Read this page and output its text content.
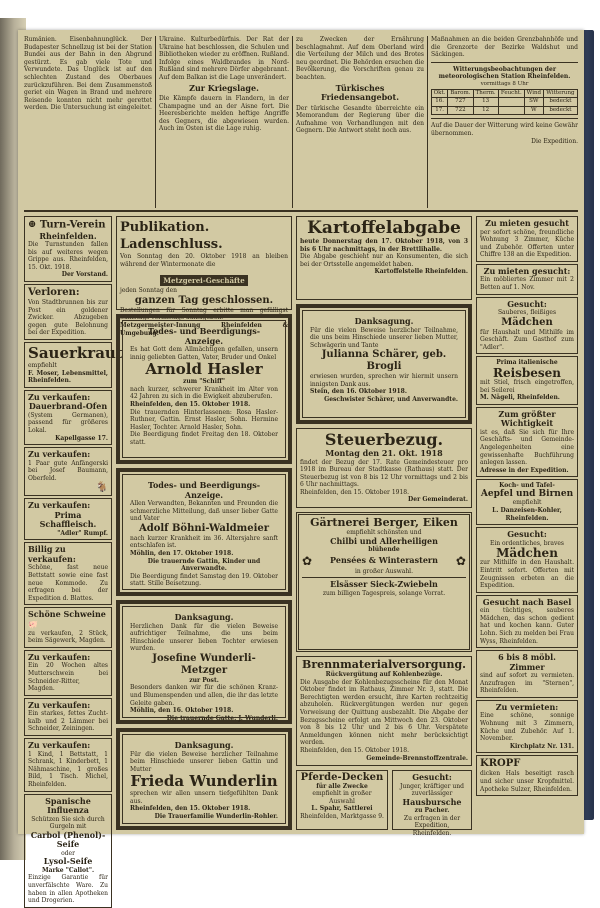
Rumänien. Eisenbahnunglück. Der Budapester Schnellzug ist bei der Station Bundei aus der Bahn in den Abgrund gestürzt. Es gab viele Tote und Verwundete. Das Unglück ist auf den schlechten Zustand des Oberbaues zurückzuführen. Bei dem Zusammenstoß geriet ein Wagen in Brand und mehrere Reisende konnten nicht mehr gerettet werden. Die Untersuchung ist eingeleitet.
Ukraine. Kulturbedürfnis. Der Rat der Ukraine hat beschlossen, die Schulen und Bibliotheken wieder zu eröffnen. Rußland. Infolge eines Waldbrandes in Nord-Rußland sind mehrere Dörfer abgebrannt. Auf dem Balkan ist die Lage unverändert.
Zur Kriegslage.
Die Kämpfe dauern in Flandern, in der Champagne und an der Aisne fort. Die Heeresberichte melden heftige Angriffe des Gegners, die abgewiesen wurden. Auch im Osten ist die Lage ruhig.
zu Zwecken der Ernährung beschlagnahmt. Auf dem Oberland wird die Verteilung der Milch und des Brotes neu geordnet. Die Behörden ersuchen die Bevölkerung, die Vorschriften genau zu beachten.
Türkisches Friedensangebot.
Der türkische Gesandte überreichte ein Memorandum der Regierung über die Aufnahme von Verhandlungen mit den Gegnern. Die Antwort steht noch aus.
Maßnahmen an die beiden Grenzbahnhöfe und die Grenzorte der Bezirke Waldshut und Säckingen.
Witterungsbeobachtungen der meteorologischen Station Rheinfelden.
vormittags 8 Uhr
Okt.	Barom.	Therm.	Feucht.	Wind	Witterung
16.	727	13		SW	bedeckt
17.	722	12		W	bedeckt
Auf die Dauer der Witterung wird keine Gewähr übernommen.
Die Expedition.
⊕ Turn-Verein
Rheinfelden.
Die Turnstunden fallen bis auf weiteres wegen Grippe aus. Rheinfelden, 15. Okt. 1918.
Der Vorstand.
Verloren:
Von Stadtbrunnen bis zur Post ein goldener Zwicker. Abzugeben gegen gute Belohnung bei der Expedition.
Sauerkraut
empfiehlt
F. Moser, Lebensmittel, Rheinfelden.
Zu verkaufen:
Dauerbrand-Ofen
(System Germanen), passend für größeres Lokal.
Kapellgasse 17.
Zu verkaufen:
1 Paar gute Anfängerski bei Josef Baumann, Oberfeld.
🐐
Zu verkaufen:
Prima Schaffleisch.
"Adler" Rumpf.
Billig zu verkaufen:
Schöne, fast neue Bettstatt sowie eine fast neue Kommode. Zu erfragen bei der Expedition d. Blattes.
Schöne Schweine 🐖
zu verkaufen, 2 Stück, beim Sägewerk, Magden.
Zu verkaufen:
Ein 20 Wochen altes Mutterschwein bei Schneider-Ritter, Magden.
Zu verkaufen:
Ein starkes, fettes Zucht-kalb und 2 Lämmer bei Schneider, Zeiningen.
Zu verkaufen:
1 Kind, 1 Bettstatt, 1 Schrank, 1 Kinderbett, 1 Nähmaschine, 1 großes Bild, 1 Tisch. Michel, Rheinfelden.
Spanische Influenza
Schützen Sie sich durch Gurgeln mit
Carbol (Phenol)-Seife
oder
Lysol-Seife
Marke "Callot".
Einzige Garantie für unverfälschte Ware. Zu haben in allen Apotheken und Drogerien.
Publikation. Ladenschluss.
Von Sonntag den 20. Oktober 1918 an bleiben während der Wintermonate die
Metzgerei-Geschäfte
jeden Sonntag den
ganzen Tag geschlossen.
Bestellungen für Sonntag erbitte man gefälligst Samstags vormittags aufzugeben.
Metzgermeister-Innung Rheinfelden & Umgebung.
Todes- und Beerdigungs-Anzeige.
Es hat Gott dem Allmächtigen gefallen, unsern innig geliebten Gatten, Vater, Bruder und Onkel
Arnold Hasler
zum "Schiff"
nach kurzer, schwerer Krankheit im Alter von 42 Jahren zu sich in die Ewigkeit abzuberufen.
Rheinfelden, den 15. Oktober 1918.
Die trauernden Hinterlassenen: Rosa Hasler-Ruthner, Gattin. Ernst Hasler, Sohn. Hermine Hasler, Tochter. Arnold Hasler, Sohn.
Die Beerdigung findet Freitag den 18. Oktober statt.
Todes- und Beerdigungs-Anzeige.
Allen Verwandten, Bekannten und Freunden die schmerzliche Mitteilung, daß unser lieber Gatte und Vater
Adolf Böhni-Waldmeier
nach kurzer Krankheit im 36. Altersjahre sanft entschlafen ist.
Möhlin, den 17. Oktober 1918.
Die trauernde Gattin, Kinder und Anverwandte.
Die Beerdigung findet Samstag den 19. Oktober statt. Stille Beisetzung.
Danksagung.
Herzlichen Dank für die vielen Beweise aufrichtiger Teilnahme, die uns beim Hinschiede unserer lieben Tochter erwiesen wurden.
Josefine Wunderli-Metzger
zur Post.
Besonders danken wir für die schönen Kranz- und Blumenspenden und allen, die ihr das letzte Geleite gaben.
Möhlin, den 16. Oktober 1918.
Die trauernde Gatte: J. Wunderli.
Danksagung.
Für die vielen Beweise herzlicher Teilnahme beim Hinschiede unserer lieben Gattin und Mutter
Frieda Wunderlin
sprechen wir allen unsern tiefgefühlten Dank aus.
Rheinfelden, den 15. Oktober 1918.
Die Trauerfamilie Wunderlin-Rohler.
Kartoffelabgabe
heute Donnerstag den 17. Oktober 1918, von 3 bis 6 Uhr nachmittags, in der Brettlihalle.
Die Abgabe geschieht nur an Konsumenten, die sich bei der Ortsstelle angemeldet haben.
Kartoffelstelle Rheinfelden.
Danksagung.
Für die vielen Beweise herzlicher Teilnahme, die uns beim Hinschiede unserer lieben Mutter, Schwägerin und Tante
Julianna Schärer, geb. Brogli
erwiesen wurden, sprechen wir hiermit unsern innigsten Dank aus.
Stein, den 16. Oktober 1918.
Geschwister Schärer, und Anverwandte.
Steuerbezug.
Montag den 21. Okt. 1918
findet der Bezug der 17. Rate Gemeindesteuer pro 1918 im Bureau der Stadtkasse (Rathaus) statt. Der Steuerbezug ist von 8 bis 12 Uhr vormittags und 2 bis 6 Uhr nachmittags.
Rheinfelden, den 15. Oktober 1918.
Der Gemeinderat.
Gärtnerei Berger, Eiken
empfiehlt schönsten und
Chilbi und Allerheiligen
blühende
✿ Pensées & Winterastern ✿
in großer Auswahl.
Elsässer Sieck-Zwiebeln
zum billigen Tagespreis, solange Vorrat.
Brennmaterialversorgung.
Rückvergütung auf Kohlenbezüge.
Die Ausgabe der Kohlenbezugsscheine für den Monat Oktober findet im Rathaus, Zimmer Nr. 3, statt. Die Berechtigten werden ersucht, ihre Karten rechtzeitig abzuholen. Rückvergütungen werden nur gegen Vorweisung der Quittung ausbezahlt. Die Abgabe der Bezugsscheine erfolgt am Mittwoch den 23. Oktober von 8 bis 12 Uhr und 2 bis 6 Uhr. Verspätete Anmeldungen können nicht mehr berücksichtigt werden.
Rheinfelden, den 15. Oktober 1918.
Gemeinde-Brennstoffzentrale.
Pferde-Decken
für alle Zwecke
empfiehlt in großer Auswahl
L. Spahr, Sattlerei
Rheinfelden, Marktgasse 9.
Gesucht:
Junger, kräftiger und zuverlässiger
Hausbursche
zu Pacher.
Zu erfragen in der Expedition, Rheinfelden.
Zu mieten gesucht
per sofort schöne, freundliche Wohnung 3 Zimmer, Küche und Zubehör. Offerten unter Chiffre 138 an die Expedition.
Zu mieten gesucht:
Ein möbliertes Zimmer mit 2 Betten auf 1. Nov.
Gesucht:
Sauberes, fleißiges
Mädchen
für Haushalt und Mithilfe im Geschäft. Zum Gasthof zum "Adler".
Prima italienische
Reisbesen
mit Stiel, frisch eingetroffen, bei Seilerei
M. Nägeli, Rheinfelden.
Zum größter Wichtigkeit
ist es, daß Sie sich für Ihre Geschäfts- und Gemeinde-Angelegenheiten eine gewissenhafte Buchführung anlegen lassen.
Adresse in der Expedition.
Koch- und Tafel-
Aepfel und Birnen
empfiehlt
L. Danzeisen-Kohler, Rheinfelden.
Gesucht:
Ein ordentliches, braves
Mädchen
zur Mithilfe in den Haushalt. Eintritt sofort. Offerten mit Zeugnissen erbeten an die Expedition.
Gesucht nach Basel
ein tüchtiges, sauberes Mädchen, das schon gedient hat und kochen kann. Guter Lohn. Sich zu melden bei Frau Wyss, Rheinfelden.
6 bis 8 möbl. Zimmer
sind auf sofort zu vermieten. Anzufragen im "Sternen", Rheinfelden.
Zu vermieten:
Eine schöne, sonnige Wohnung mit 3 Zimmern, Küche und Zubehör. Auf 1. November.
Kirchplatz Nr. 131.
KROPF
dicken Hals beseitigt rasch und sicher unser Kropfmittel. Apotheke Sulzer, Rheinfelden.
